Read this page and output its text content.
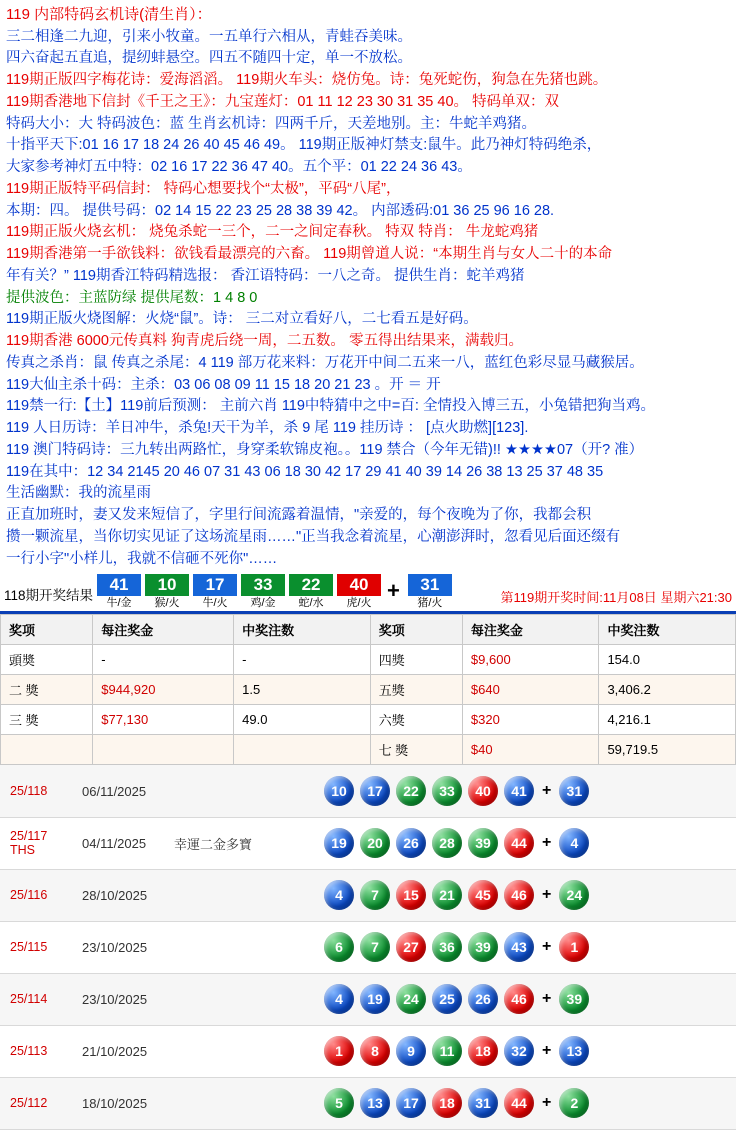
119 内部特码玄机诗(清生肖）：
三二相逢二九迎，引来小牧童。一五单行六相从，青蛙吞美味。
四六奋起五直追，提纫蚌悬空。四五不随四十定，单一不放松。
119期正版四字梅花诗：爱海滔滔。 119期火车头：烧仿兔。诗：兔死蛇伤，狗急在先猪也跳。
119期香港地下信封《千王之王》：九宝莲灯：01 11 12 23 30 31 35 40。 特码单双：双
特码大小：大 特码波色：蓝 生肖玄机诗：四两千斤，天差地别。主：牛蛇羊鸡猪。
十指平天下:01 16 17 18 24 26 40 45 46 49。 119期正版神灯禁支:鼠牛。此乃神灯特码绝杀，
大家参考神灯五中特：02 16 17 22 36 47 40。五个平：01 22 24 36 43。
119期正版特平码信封： 特码心想要找个“太极”，平码“八尾”，
本期：四。 提供号码：02 14 15 22 23 25 28 38 39 42。 内部透码:01 36 25 96 16 28.
119期正版火烧玄机： 烧兔杀蛇一三个，二一之间定春秋。 特双 特肖： 牛龙蛇鸡猪
119期香港第一手欲钱料：欲钱看最漂亮的六畜。 119期曾道人说：“本期生肖与女人二十的本命
年有关？” 119期香江特码精选报： 香江语特码：一八之奇。 提供生肖：蛇羊鸡猪
提供波色：主蓝防绿 提供尾数：1 4 8 0
119期正版火烧图解：火烧“鼠”。诗： 三二对立看好八，二七看五是好码。
119期香港 6000元传真料 狗青虎后绕一周，二五数。 零五得出结果来，满载归。
传真之杀肖：鼠 传真之杀尾：4 119 部万花来料：万花开中间二五来一八，蓝红色彩尽显马藏猴居。
119大仙主杀十码：主杀：03 06 08 09 11 15 18 20 21 23 。开 ＝ 开
119禁一行:【土】119前后预测： 主前六肖 119中特猜中之中=百: 全情投入博三五，小兔错把狗当鸡。
119 人日历诗：羊日冲牛，杀兔!天干为羊，杀 9 尾 119 挂历诗 ： [点火助燃][123].
119 澳门特码诗：三九转出两路忙，身穿柔软锦皮袍。。119 禁合（今年无错)!! ★★★★07（开? 准）
119在其中：12 34 2145 20 46 07 31 43 06 18 30 42 17 29 41 40 39 14 26 38 13 25 37 48 35
生活幽默：我的流星雨
正直加班时，妻又发来短信了，字里行间流露着温情，"亲爱的，每个夜晚为了你，我都会积
攒一颗流星，当你切实见证了这场流星雨……"正当我念着流星，心潮澎湃时，忽看见后面还缀有
一行小字"小样儿，我就不信砸不死你"……
118期开奖结果
41
牛/金
10
猴/火
17
牛/火
33
鸡/金
22
蛇/水
40
虎/火 +	31
猪/火	第119期开奖时间:11月08日 星期六21:30
奖项	每注奖金	中奖注数	奖项	每注奖金	中奖注数
頭奬	-	-	四獎	$9,600	154.0
二 獎	$944,920	1.5	五獎	$640	3,406.2
三 獎	$77,130	49.0	六獎	$320	4,216.1
			七 獎	$40	59,719.5
25/118	06/11/2025		10	17	22	33	40	41 +	31

25/117 THS	04/11/2025	幸運二金多寶	19	20	26	28	39	44 +	4

25/116	28/10/2025		4	7	15	21	45	46 +	24

25/115	23/10/2025		6	7	27	36	39	43 +	1

25/114	23/10/2025		4	19	24	25	26	46 +	39

25/113	21/10/2025		1	8	9	11	18	32 +	13

25/112	18/10/2025		5	13	17	18	31	44 +	2
